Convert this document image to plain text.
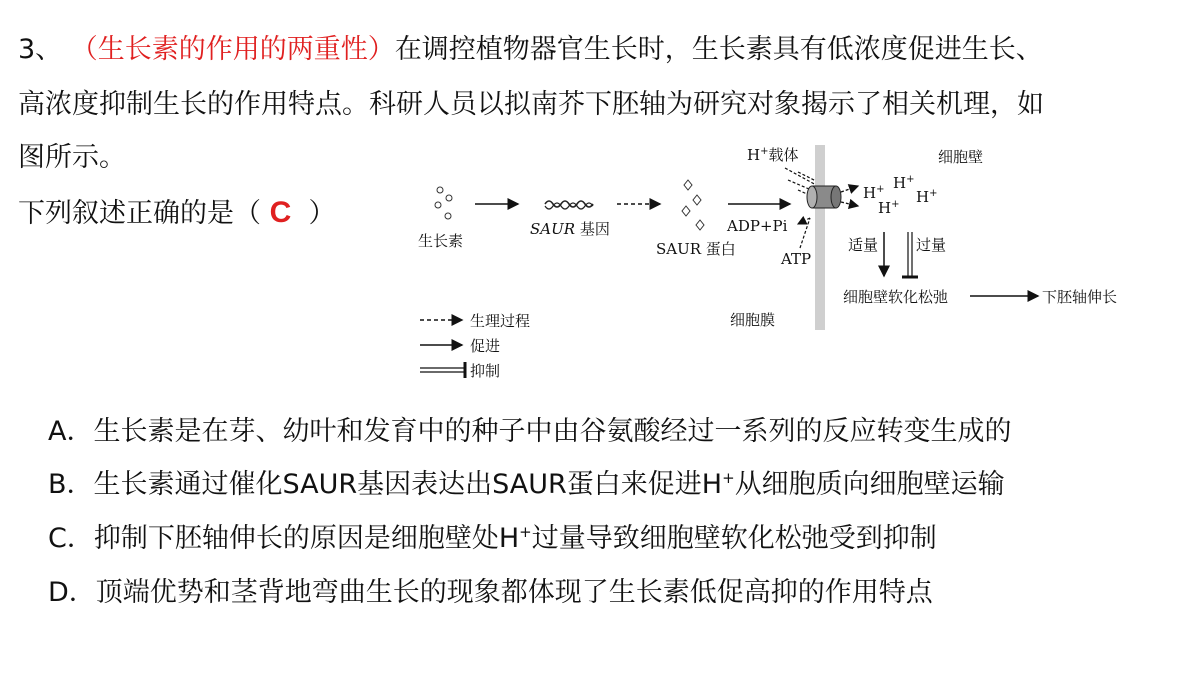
3、 （生长素的作用的两重性）在调控植物器官生长时，生长素具有低浓度促进生长、
高浓度抑制生长的作用特点。科研人员以拟南芥下胚轴为研究对象揭示了相关机理，如
图所示。
下列叙述正确的是（ C ）
生长素
SAUR 基因
SAUR 蛋白
H+载体
ADP+Pi
ATP
H+ H+
H+ H+
细胞壁
适量	过量
细胞壁软化松弛	下胚轴伸长
细胞膜
生理过程
促进
抑制
A．生长素是在芽、幼叶和发育中的种子中由谷氨酸经过一系列的反应转变生成的
B．生长素通过催化SAUR基因表达出SAUR蛋白来促进H+从细胞质向细胞壁运输
C．抑制下胚轴伸长的原因是细胞壁处H+过量导致细胞壁软化松弛受到抑制
D．顶端优势和茎背地弯曲生长的现象都体现了生长素低促高抑的作用特点
